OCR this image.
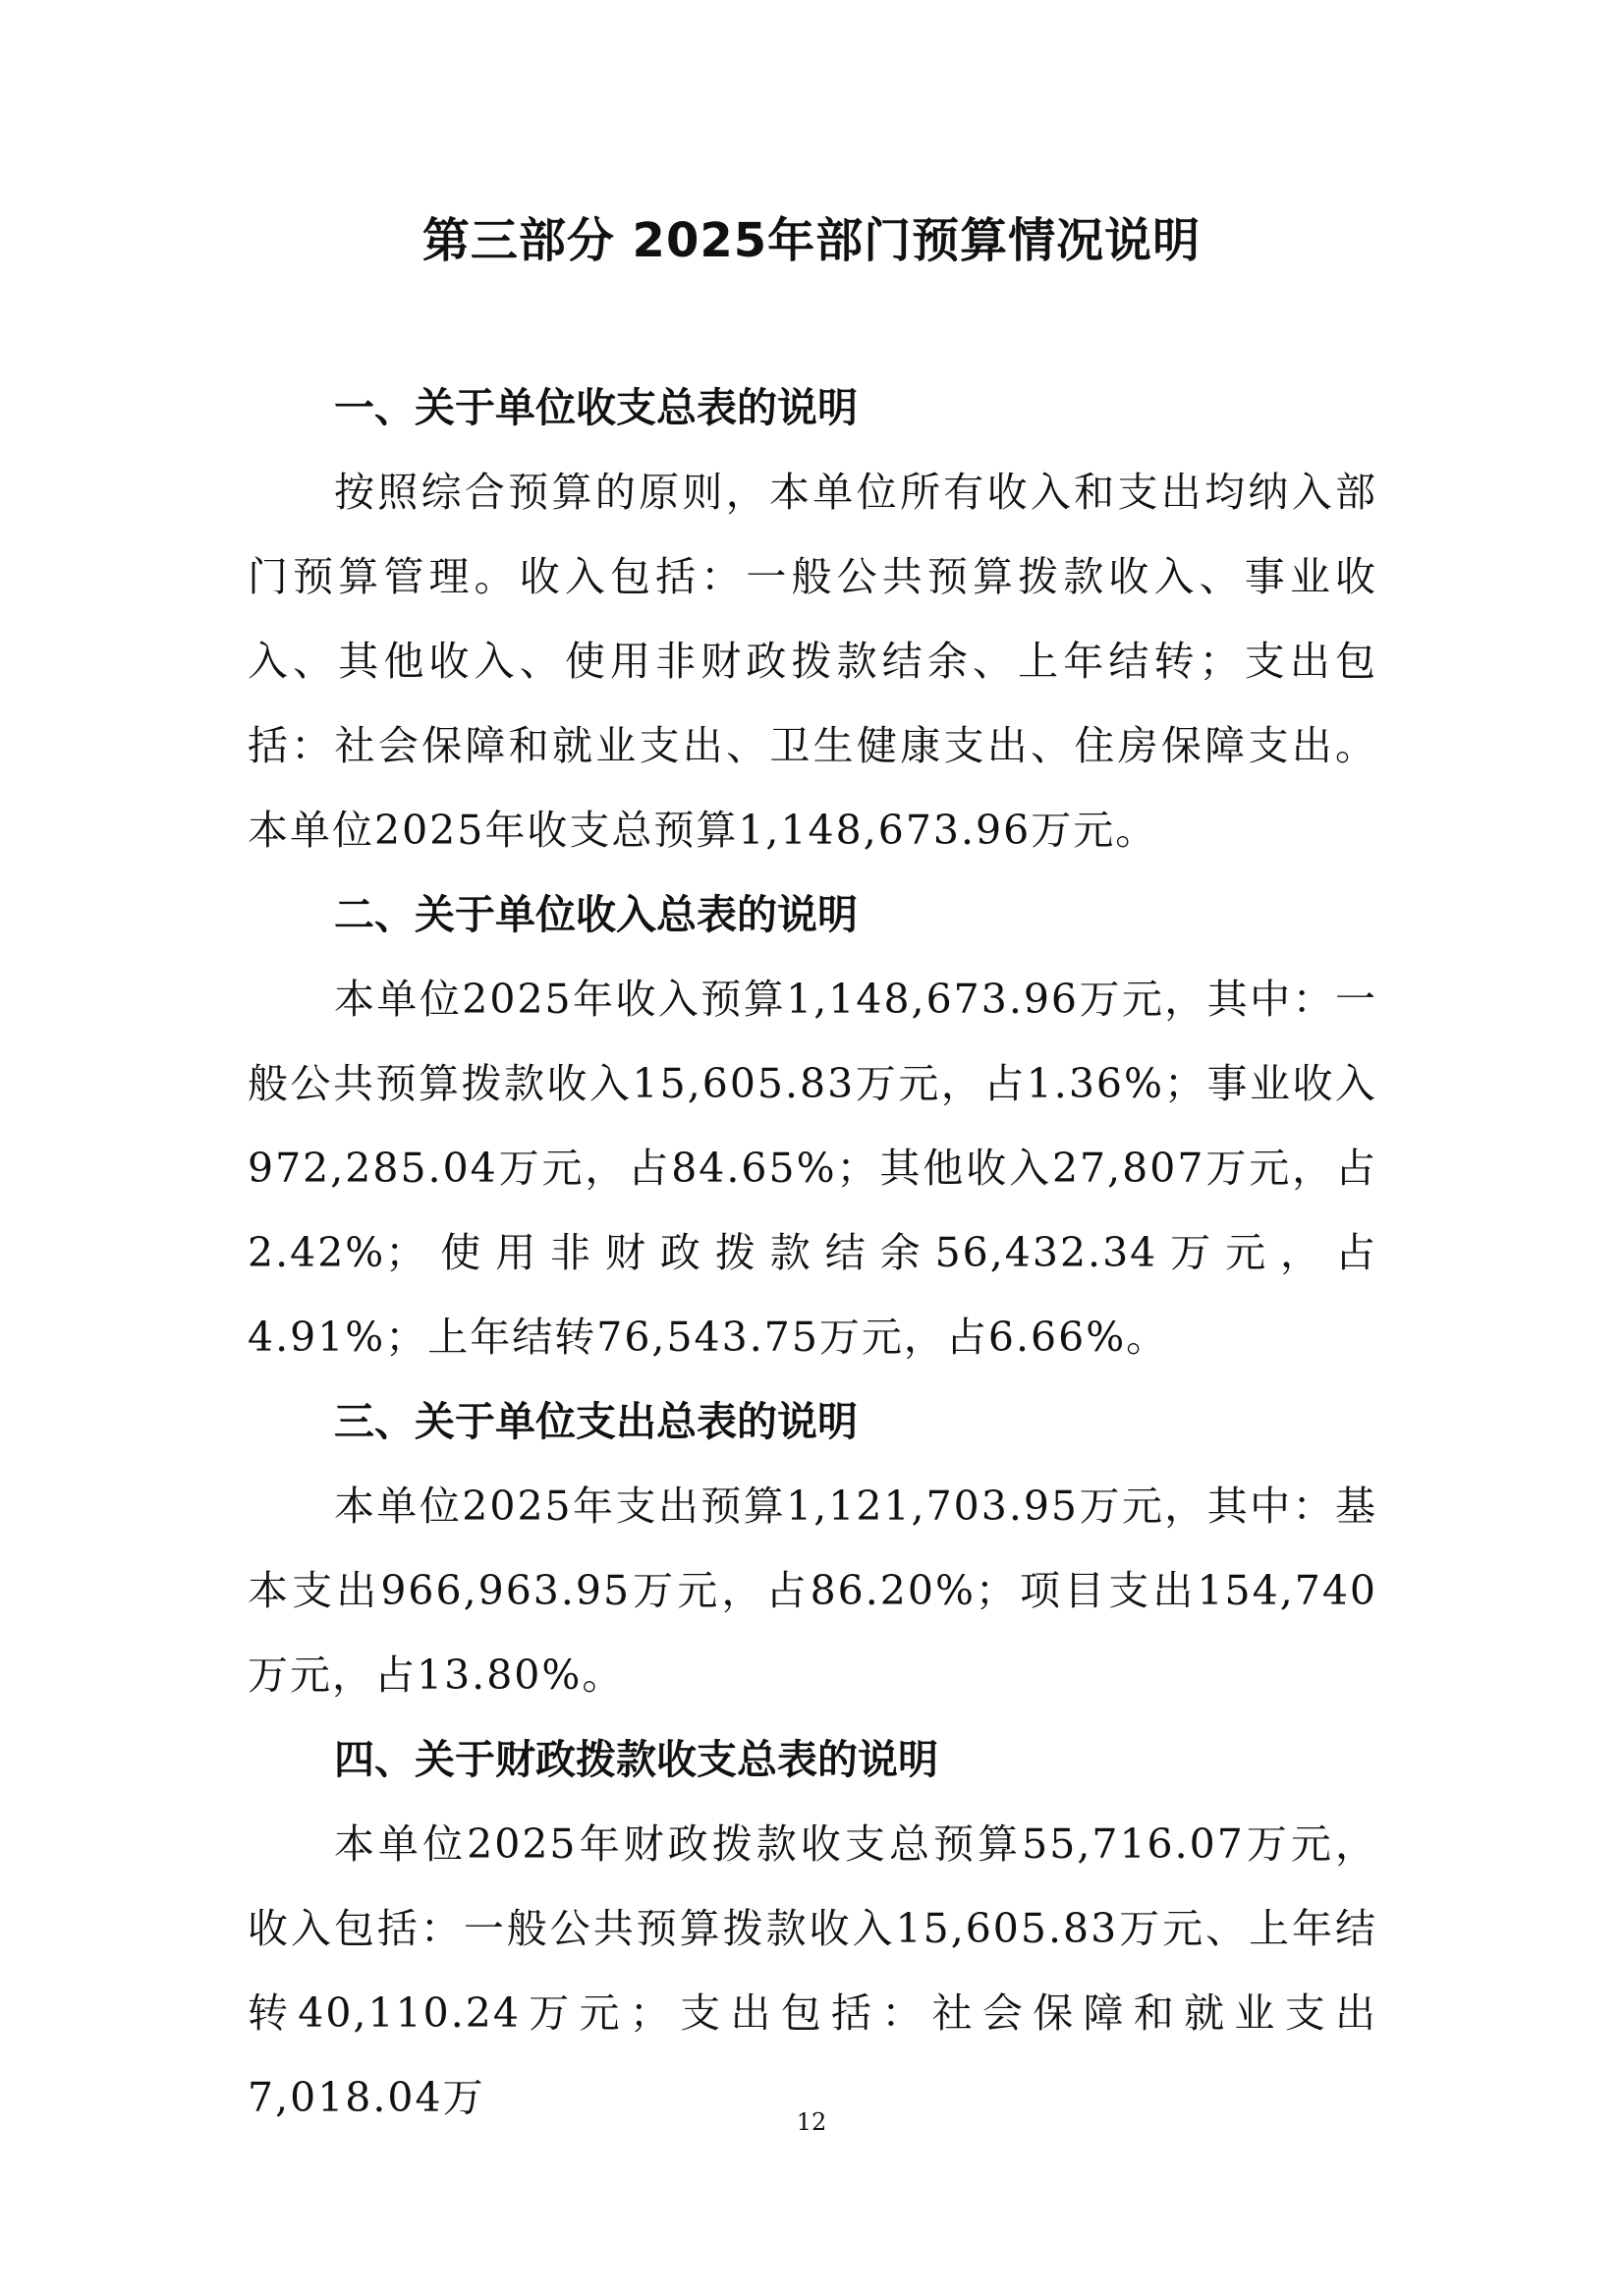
第三部分 2025年部门预算情况说明

一、关于单位收支总表的说明

按照综合预算的原则，本单位所有收入和支出均纳入部门预算管理。收入包括：一般公共预算拨款收入、事业收入、其他收入、使用非财政拨款结余、上年结转；支出包括：社会保障和就业支出、卫生健康支出、住房保障支出。本单位2025年收支总预算1,148,673.96万元。

二、关于单位收入总表的说明

本单位2025年收入预算1,148,673.96万元，其中：一般公共预算拨款收入15,605.83万元，占1.36%；事业收入972,285.04万元，占84.65%；其他收入27,807万元，占2.42%；使用非财政拨款结余56,432.34万元，占4.91%；上年结转76,543.75万元，占6.66%。

三、关于单位支出总表的说明

本单位2025年支出预算1,121,703.95万元，其中：基本支出966,963.95万元，占86.20%；项目支出154,740万元，占13.80%。

四、关于财政拨款收支总表的说明

本单位2025年财政拨款收支总预算55,716.07万元，收入包括：一般公共预算拨款收入15,605.83万元、上年结转40,110.24万元；支出包括：社会保障和就业支出7,018.04万

12
